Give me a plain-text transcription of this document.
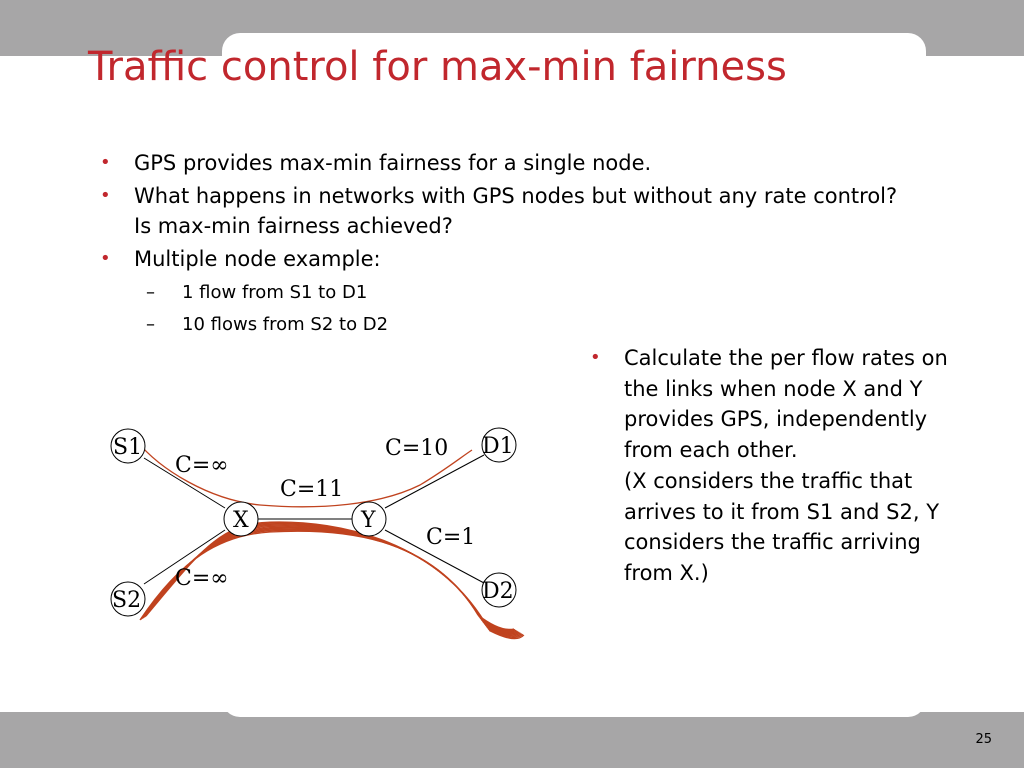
Traffic control for max-min fairness
• GPS provides max-min fairness for a single node.
• What happens in networks with GPS nodes but without any rate control? Is max-min fairness achieved?
• Multiple node example:
– 1 flow from S1 to D1
– 10 flows from S2 to D2
• Calculate the per flow rates on the links when node X and Y provides GPS, independently from each other.
(X considers the traffic that arrives to it from S1 and S2, Y considers the traffic arriving from X.)
S1
S2
X	Y
D1
D2
C=∞
C=∞
C=11
C=10
C=1
25
